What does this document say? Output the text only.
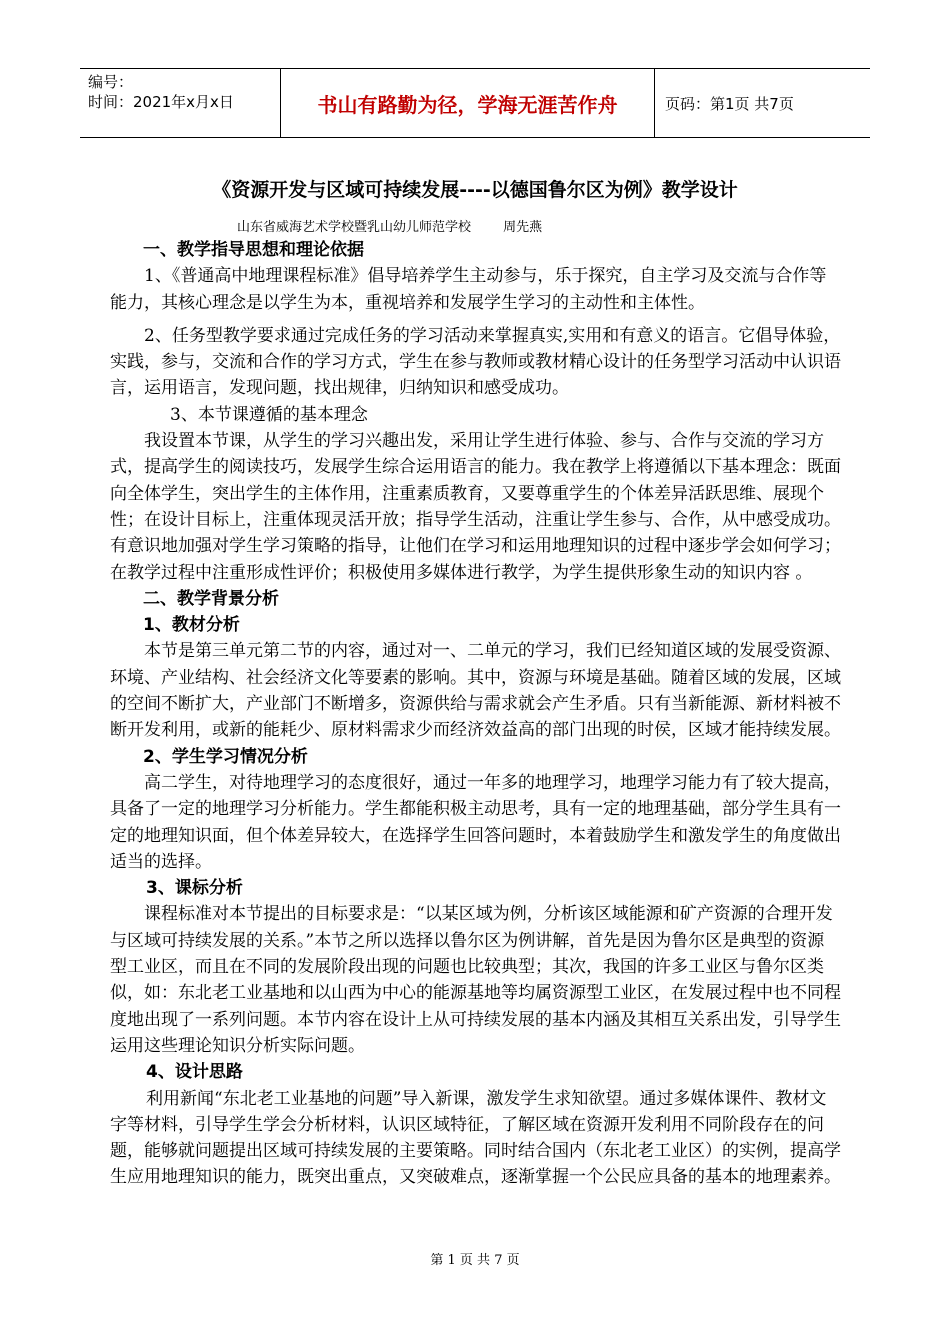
编号：
时间：2021年x月x日	书山有路勤为径，学海无涯苦作舟	页码：第1页 共7页
《资源开发与区域可持续发展----以德国鲁尔区为例》教学设计
山东省威海艺术学校暨乳山幼儿师范学校 周先燕

一、教学指导思想和理论依据

1、《普通高中地理课程标准》倡导培养学生主动参与，乐于探究，自主学习及交流与合作等能力，其核心理念是以学生为本，重视培养和发展学生学习的主动性和主体性。

2、任务型教学要求通过完成任务的学习活动来掌握真实,实用和有意义的语言。它倡导体验，实践，参与，交流和合作的学习方式，学生在参与教师或教材精心设计的任务型学习活动中认识语言，运用语言，发现问题，找出规律，归纳知识和感受成功。

3、本节课遵循的基本理念

我设置本节课，从学生的学习兴趣出发，采用让学生进行体验、参与、合作与交流的学习方式，提高学生的阅读技巧，发展学生综合运用语言的能力。我在教学上将遵循以下基本理念：既面向全体学生，突出学生的主体作用，注重素质教育，又要尊重学生的个体差异活跃思维、展现个性；在设计目标上，注重体现灵活开放；指导学生活动，注重让学生参与、合作，从中感受成功。有意识地加强对学生学习策略的指导，让他们在学习和运用地理知识的过程中逐步学会如何学习；在教学过程中注重形成性评价；积极使用多媒体进行教学，为学生提供形象生动的知识内容 。

二、教学背景分析

1、教材分析

本节是第三单元第二节的内容，通过对一、二单元的学习，我们已经知道区域的发展受资源、环境、产业结构、社会经济文化等要素的影响。其中，资源与环境是基础。随着区域的发展，区域的空间不断扩大，产业部门不断增多，资源供给与需求就会产生矛盾。只有当新能源、新材料被不断开发利用，或新的能耗少、原材料需求少而经济效益高的部门出现的时侯，区域才能持续发展。

2、学生学习情况分析

高二学生，对待地理学习的态度很好，通过一年多的地理学习，地理学习能力有了较大提高，具备了一定的地理学习分析能力。学生都能积极主动思考，具有一定的地理基础，部分学生具有一定的地理知识面，但个体差异较大，在选择学生回答问题时，本着鼓励学生和激发学生的角度做出适当的选择。

3、课标分析

课程标准对本节提出的目标要求是：“以某区域为例，分析该区域能源和矿产资源的合理开发与区域可持续发展的关系。”本节之所以选择以鲁尔区为例讲解，首先是因为鲁尔区是典型的资源型工业区，而且在不同的发展阶段出现的问题也比较典型；其次，我国的许多工业区与鲁尔区类似，如：东北老工业基地和以山西为中心的能源基地等均属资源型工业区，在发展过程中也不同程度地出现了一系列问题。本节内容在设计上从可持续发展的基本内涵及其相互关系出发，引导学生运用这些理论知识分析实际问题。

4、设计思路

利用新闻“东北老工业基地的问题”导入新课，激发学生求知欲望。通过多媒体课件、教材文字等材料，引导学生学会分析材料，认识区域特征，了解区域在资源开发利用不同阶段存在的问题，能够就问题提出区域可持续发展的主要策略。同时结合国内（东北老工业区）的实例，提高学生应用地理知识的能力，既突出重点，又突破难点，逐渐掌握一个公民应具备的基本的地理素养。

第 1 页 共 7 页
